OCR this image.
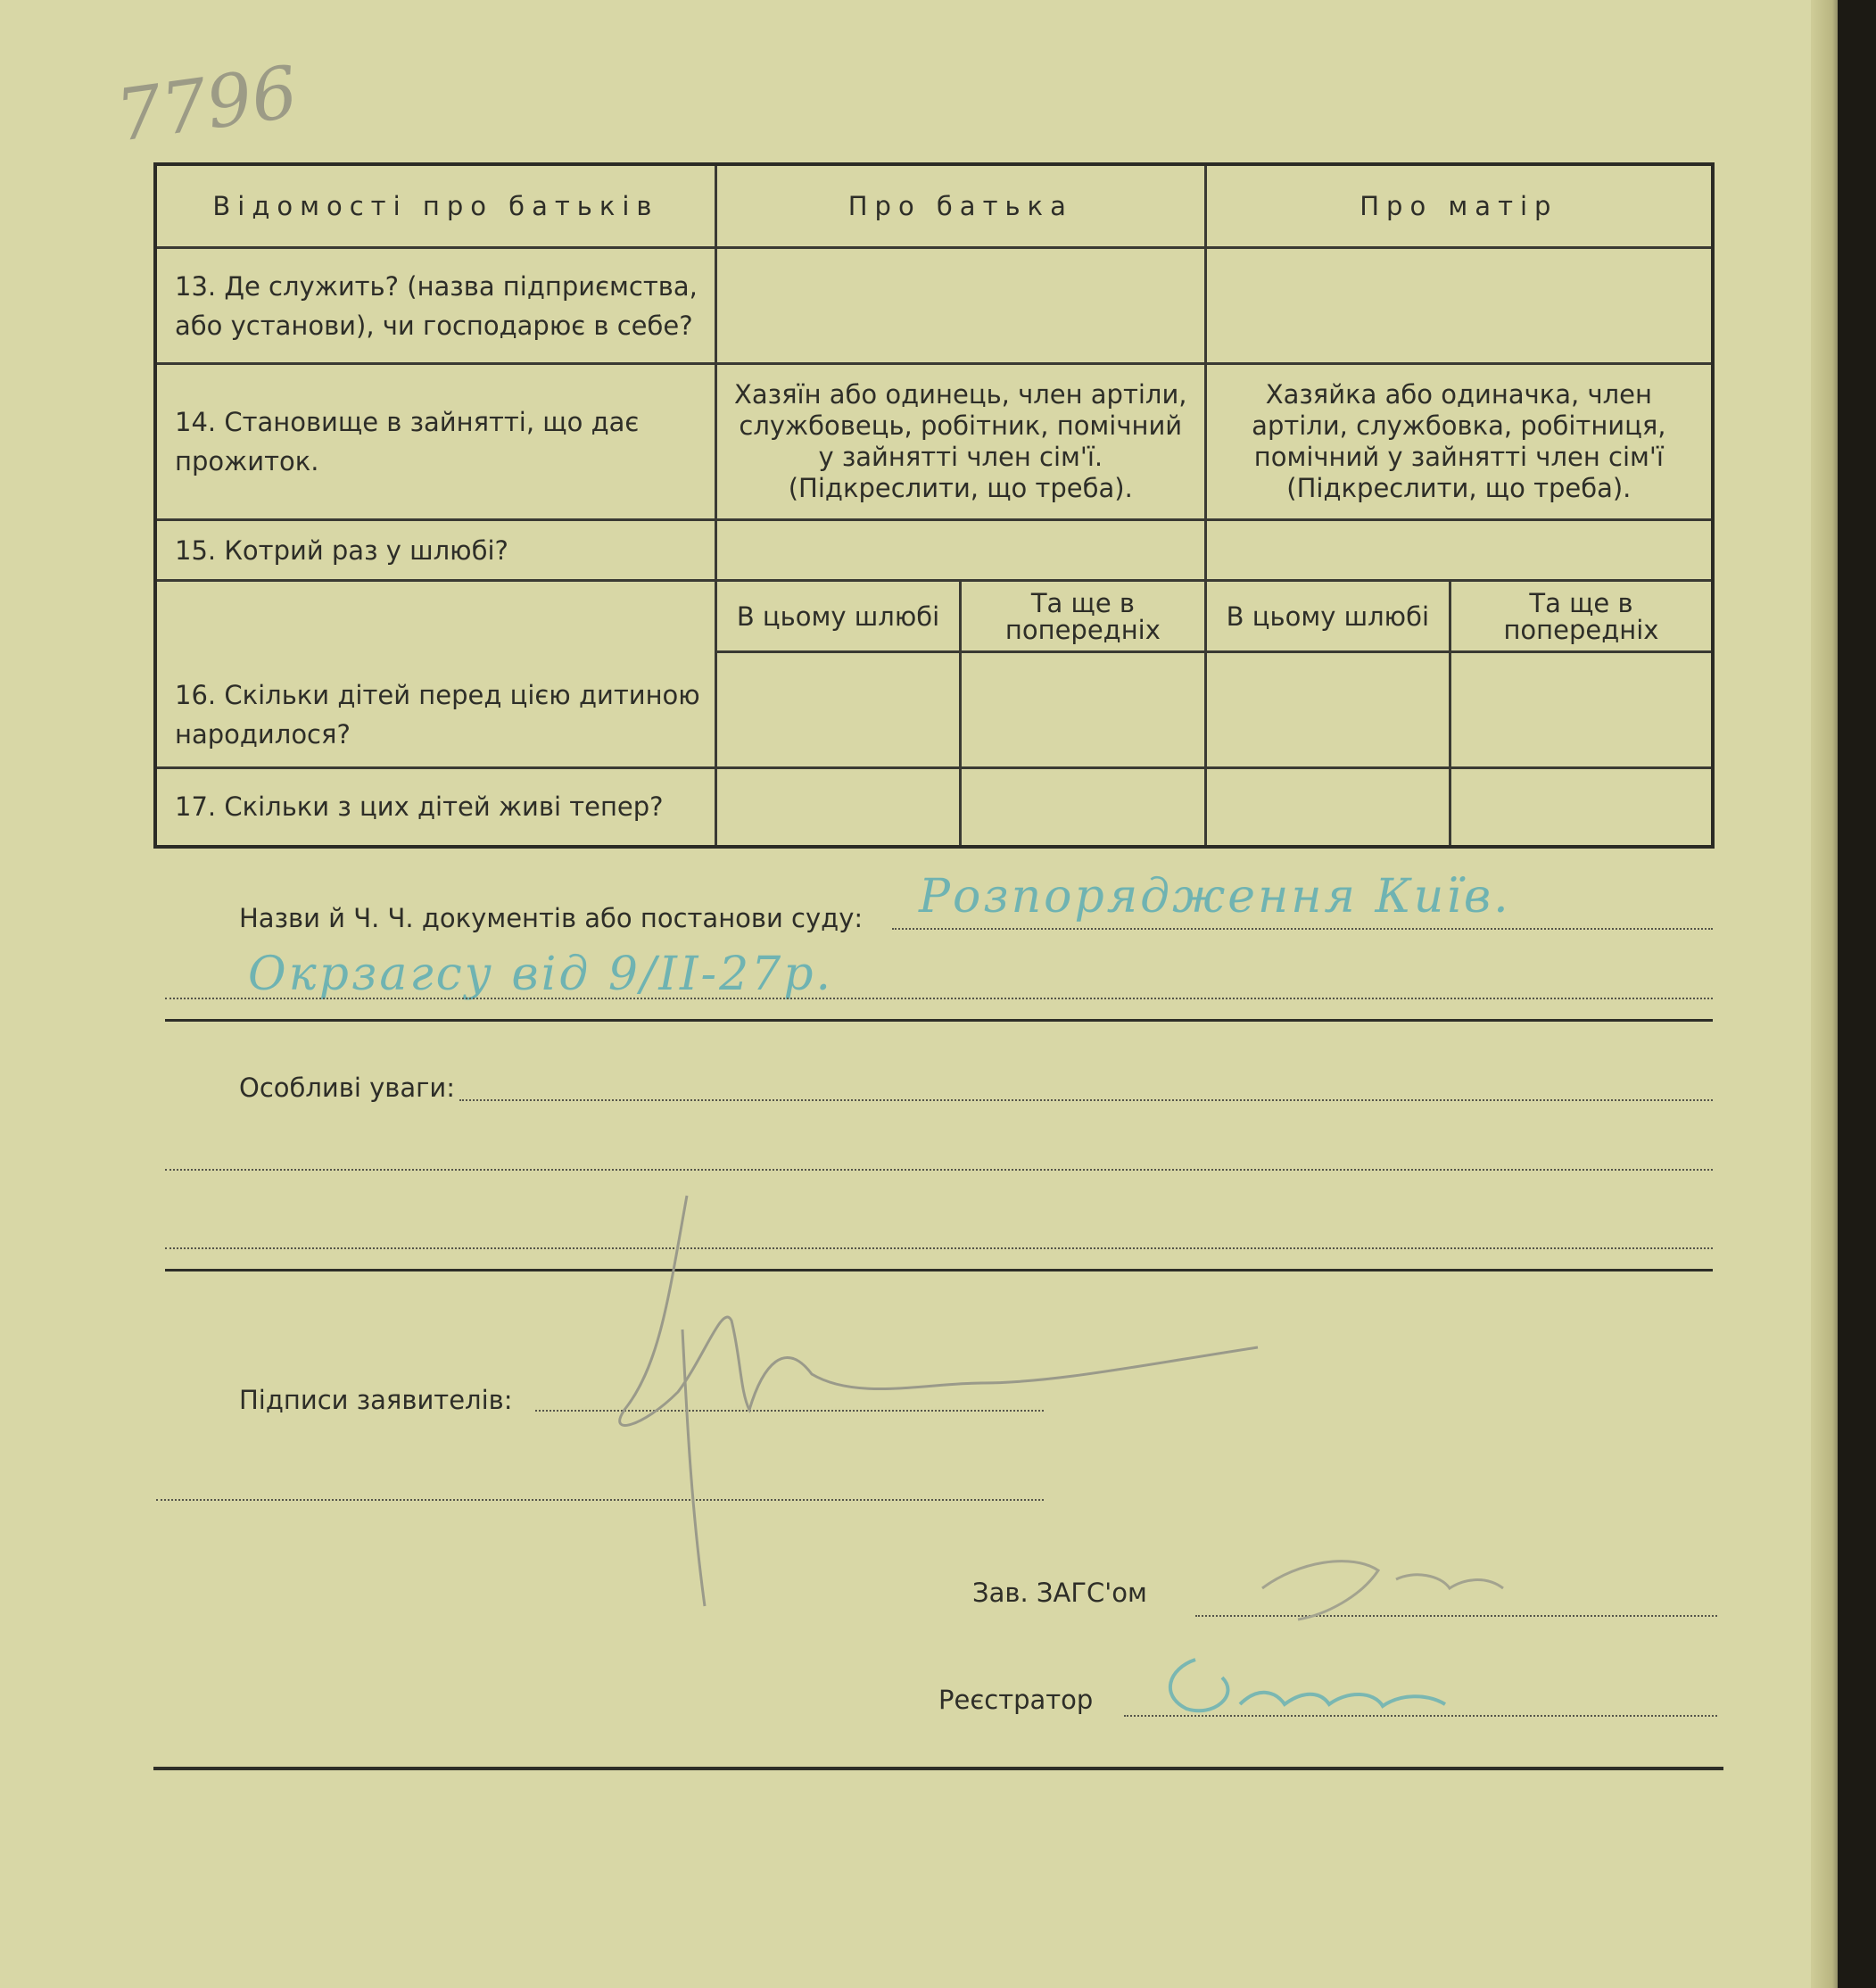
7796
Відомості про батьків	Про батька		Про матір	
13. Де служить? (назва підприємства, або установи), чи господарює в себе?				
14. Становище в зайнятті, що дає прожиток.	Хазяїн або одинець, член артіли, службовець, робітник, помічний у зайнятті член сім'ї. (Підкреслити, що треба).		Хазяйка або одиначка, член артіли, службовка, робітниця, помічний у зайнятті член сім'ї (Підкреслити, що треба).	
15. Котрий раз у шлюбі?				
16. Скільки дітей перед цією дитиною народилося?	В цьому шлюбі	Та ще в попередніх	В цьому шлюбі	Та ще в попередніх

17. Скільки з цих дітей живі тепер?				
Назви й Ч. Ч. документів або постанови суду: Розпорядження Київ.
Окрзагсу від 9/II-27р.
Особливі уваги:
Підписи заявителів:
Зав. ЗАГС'ом
Реєстратор
